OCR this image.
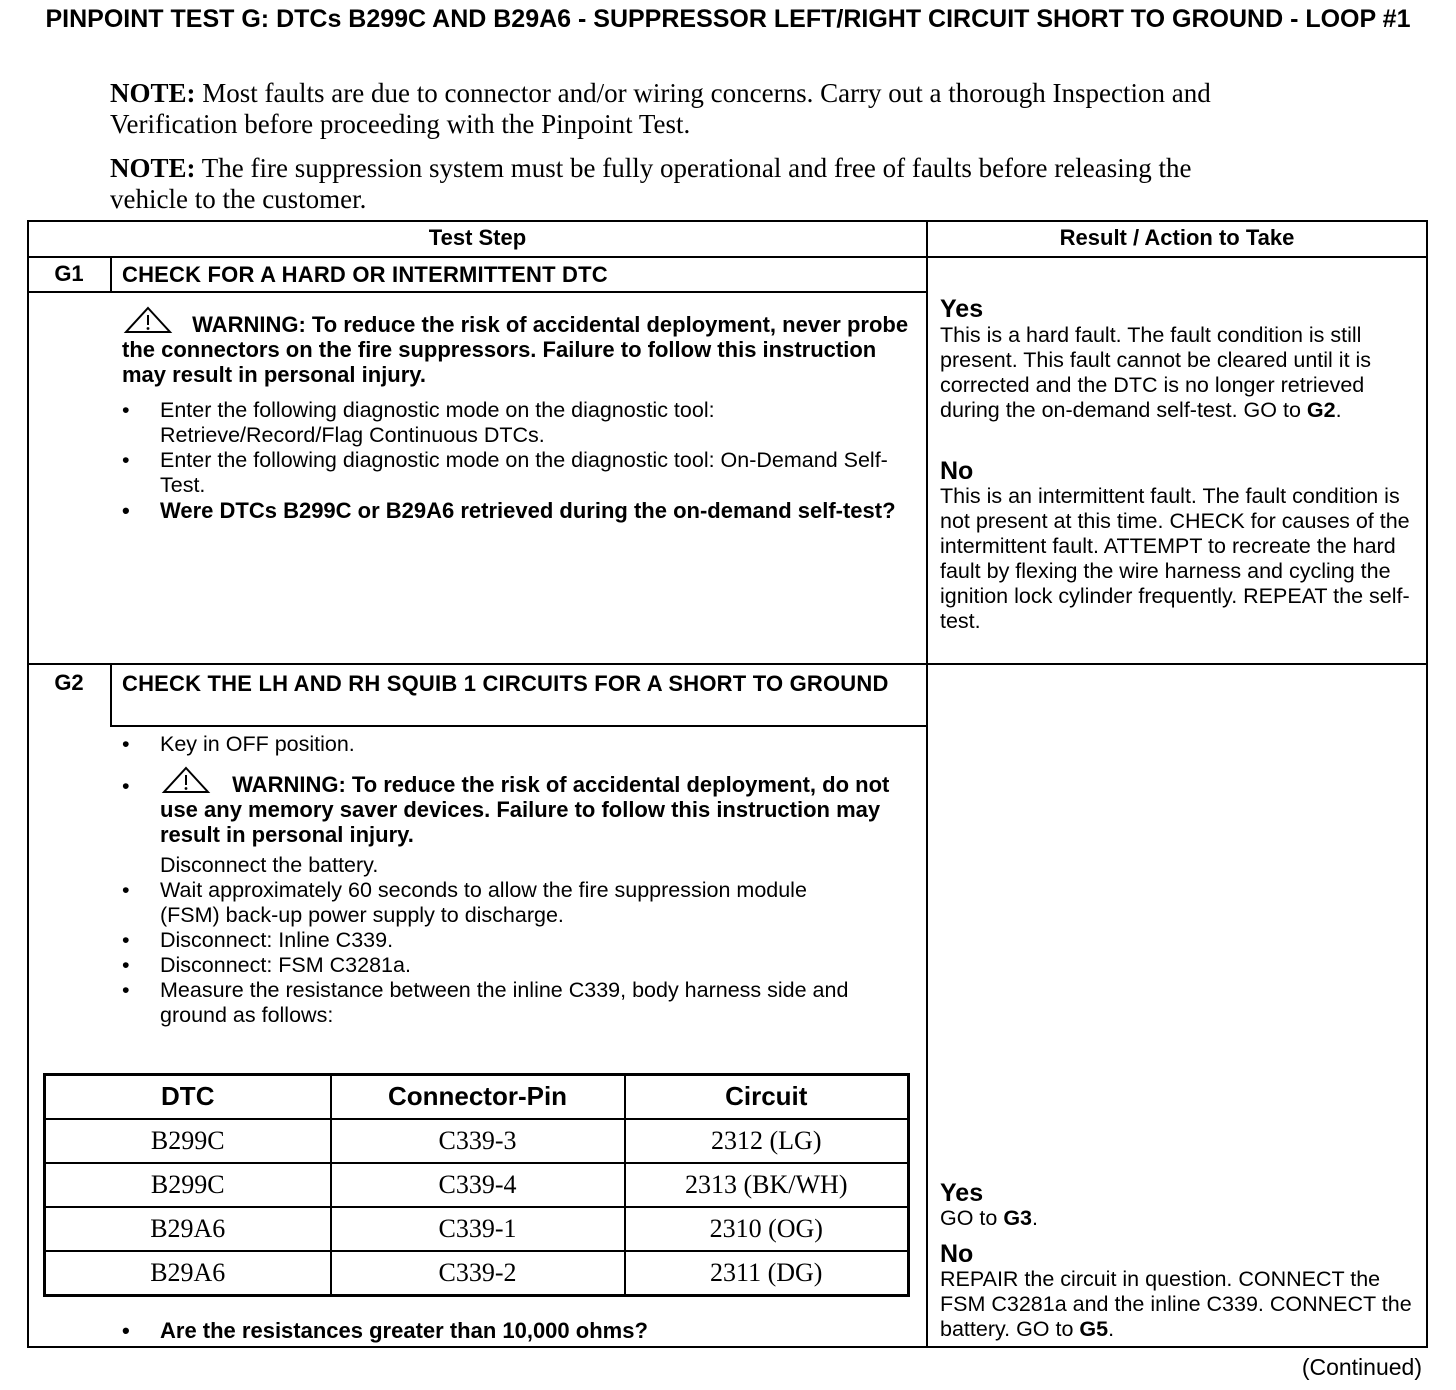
PINPOINT TEST G: DTCs B299C AND B29A6 - SUPPRESSOR LEFT/RIGHT CIRCUIT SHORT TO GROUND - LOOP #1
NOTE: Most faults are due to connector and/or wiring concerns. Carry out a thorough Inspection and Verification before proceeding with the Pinpoint Test.
NOTE: The fire suppression system must be fully operational and free of faults before releasing the vehicle to the customer.
Test Step	Result / Action to Take
G1	CHECK FOR A HARD OR INTERMITTENT DTC
WARNING: To reduce the risk of accidental deployment, never probe the connectors on the fire suppressors. Failure to follow this instruction may result in personal injury.
• Enter the following diagnostic mode on the diagnostic tool: Retrieve/Record/Flag Continuous DTCs.
• Enter the following diagnostic mode on the diagnostic tool: On-Demand Self-Test.
• Were DTCs B299C or B29A6 retrieved during the on-demand self-test?
Yes
This is a hard fault. The fault condition is still present. This fault cannot be cleared until it is corrected and the DTC is no longer retrieved during the on-demand self-test. GO to G2.
No
This is an intermittent fault. The fault condition is not present at this time. CHECK for causes of the intermittent fault. ATTEMPT to recreate the hard fault by flexing the wire harness and cycling the ignition lock cylinder frequently. REPEAT the self-test.
G2	CHECK THE LH AND RH SQUIB 1 CIRCUITS FOR A SHORT TO GROUND
• Key in OFF position.
•	WARNING: To reduce the risk of accidental deployment, do not use any memory saver devices. Failure to follow this instruction may result in personal injury.
Disconnect the battery.
• Wait approximately 60 seconds to allow the fire suppression module (FSM) back-up power supply to discharge.
• Disconnect: Inline C339.
• Disconnect: FSM C3281a.
• Measure the resistance between the inline C339, body harness side and ground as follows:
DTC	Connector-Pin	Circuit
B299C	C339-3	2312 (LG)
B299C	C339-4	2313 (BK/WH)
B29A6	C339-1	2310 (OG)
B29A6	C339-2	2311 (DG)
• Are the resistances greater than 10,000 ohms?
Yes
GO to G3.
No
REPAIR the circuit in question. CONNECT the FSM C3281a and the inline C339. CONNECT the battery. GO to G5.
(Continued)
